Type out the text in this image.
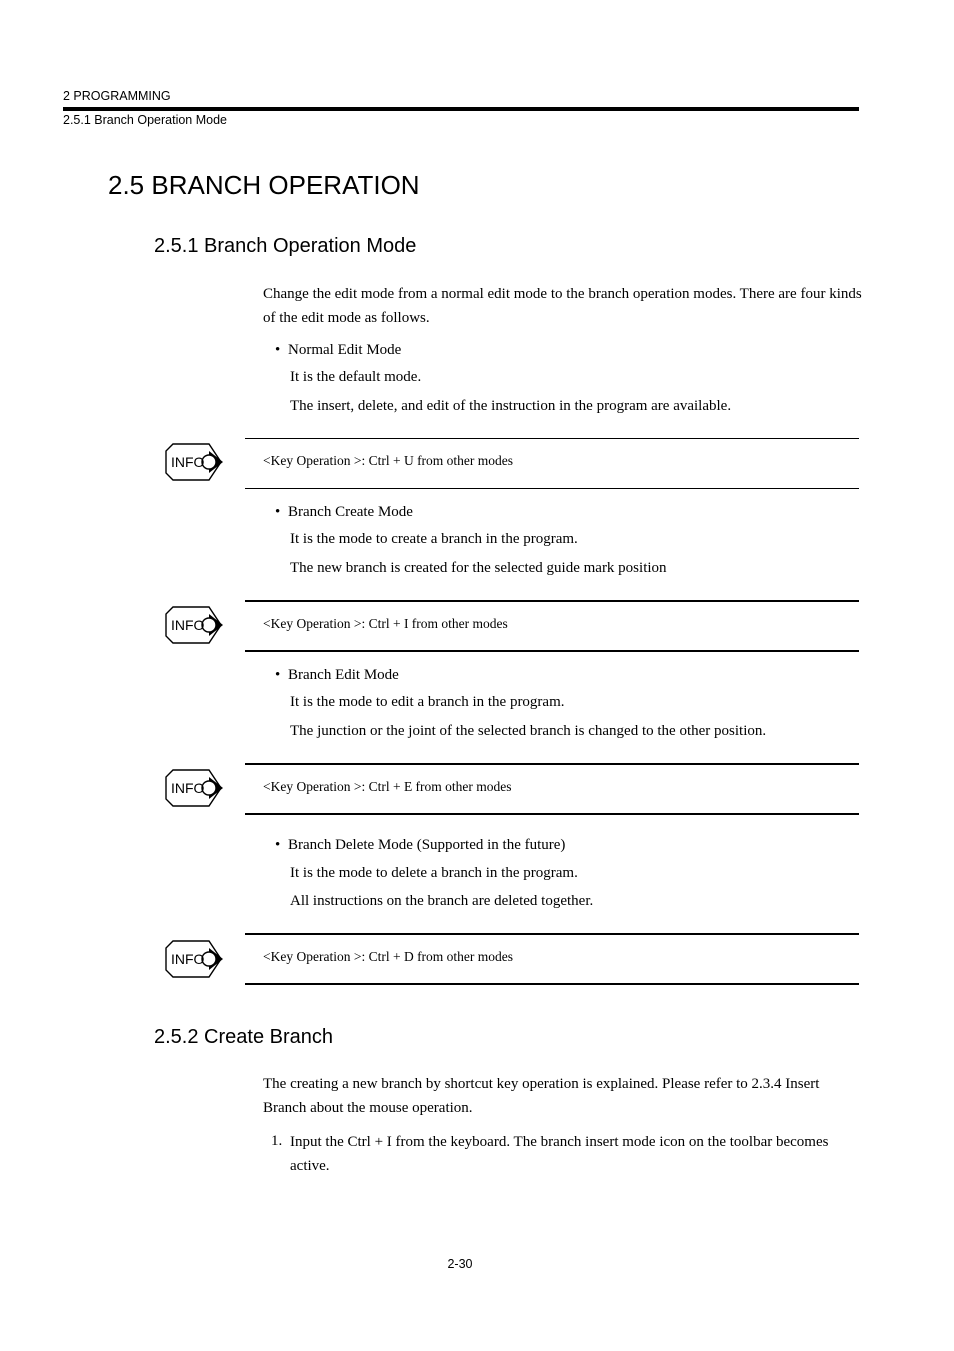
2 PROGRAMMING
2.5.1 Branch Operation Mode
2.5 BRANCH OPERATION
2.5.1 Branch Operation Mode
Change the edit mode from a normal edit mode to the branch operation modes. There are four kinds of the edit mode as follows.
• Normal Edit Mode
It is the default mode.
The insert, delete, and edit of the instruction in the program are available.
INFO	<Key Operation >: Ctrl + U from other modes
• Branch Create Mode
It is the mode to create a branch in the program.
The new branch is created for the selected guide mark position
INFO	<Key Operation >: Ctrl + I from other modes
• Branch Edit Mode
It is the mode to edit a branch in the program.
The junction or the joint of the selected branch is changed to the other position.
INFO	<Key Operation >: Ctrl + E from other modes
• Branch Delete Mode (Supported in the future)
It is the mode to delete a branch in the program.
All instructions on the branch are deleted together.
INFO	<Key Operation >: Ctrl + D from other modes
2.5.2 Create Branch
The creating a new branch by shortcut key operation is explained. Please refer to 2.3.4 Insert Branch about the mouse operation.
1. Input the Ctrl + I from the keyboard. The branch insert mode icon on the toolbar becomes active.
2-30
